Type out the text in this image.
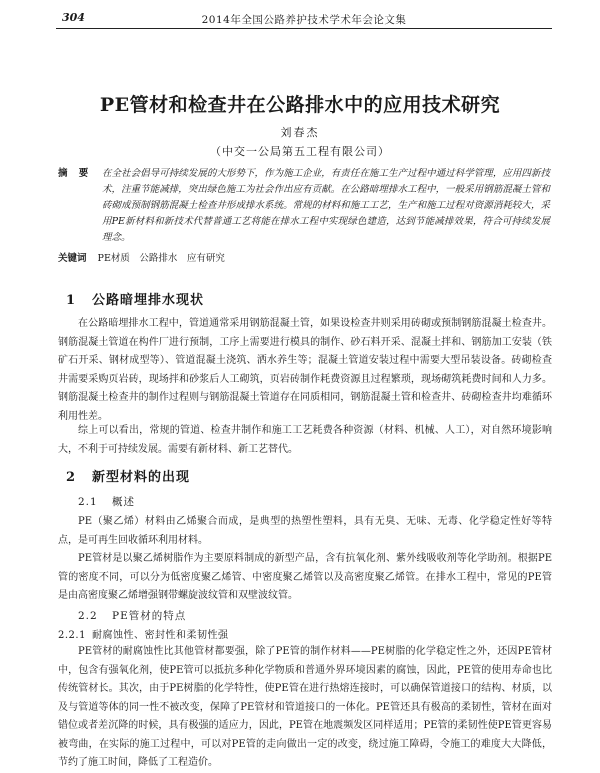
304	2014年全国公路养护技术学术年会论文集
PE管材和检查井在公路排水中的应用技术研究
刘春杰
（中交一公局第五工程有限公司）
摘 要 在全社会倡导可持续发展的大形势下，作为施工企业，有责任在施工生产过程中通过科学管理，应用四新技术，注重节能减排，突出绿色施工为社会作出应有贡献。在公路暗埋排水工程中，一般采用钢筋混凝土管和砖砌成预制钢筋混凝土检查井形成排水系统。常规的材料和施工工艺，生产和施工过程对资源消耗较大，采用PE新材料和新技术代替普通工艺将能在排水工程中实现绿色建造，达到节能减排效果，符合可持续发展理念。
关键词 PE材质　公路排水　应有研究
1 公路暗埋排水现状
在公路暗埋排水工程中，管道通常采用钢筋混凝土管，如果设检查井则采用砖砌或预制钢筋混凝土检查井。钢筋混凝土管道在构件厂进行预制，工序上需要进行模具的制作、砂石料开采、混凝土拌和、钢筋加工安装（铁矿石开采、钢材成型等）、管道混凝土浇筑、洒水养生等；混凝土管道安装过程中需要大型吊装设备。砖砌检查井需要采购页岩砖，现场拌和砂浆后人工砌筑，页岩砖制作耗费资源且过程繁琐，现场砌筑耗费时间和人力多。钢筋混凝土检查井的制作过程则与钢筋混凝土管道存在同质相同，钢筋混凝土管和检查井、砖砌检查井均难循环利用性差。
综上可以看出，常规的管道、检查井制作和施工工艺耗费各种资源（材料、机械、人工），对自然环境影响大，不利于可持续发展。需要有新材料、新工艺替代。
2 新型材料的出现
2.1 概述
PE（聚乙烯）材料由乙烯聚合而成，是典型的热塑性塑料，具有无臭、无味、无毒、化学稳定性好等特点，是可再生回收循环利用材料。
PE管材是以聚乙烯树脂作为主要原料制成的新型产品，含有抗氧化剂、紫外线吸收剂等化学助剂。根据PE管的密度不同，可以分为低密度聚乙烯管、中密度聚乙烯管以及高密度聚乙烯管。在排水工程中，常见的PE管是由高密度聚乙烯增强钢带螺旋波纹管和双壁波纹管。
2.2 PE管材的特点
2.2.1 耐腐蚀性、密封性和柔韧性强
PE管材的耐腐蚀性比其他管材都要强，除了PE管的制作材料——PE树脂的化学稳定性之外，还因PE管材中，包含有强氧化剂，使PE管可以抵抗多种化学物质和普通外界环境因素的腐蚀，因此，PE管的使用寿命也比传统管材长。其次，由于PE树脂的化学特性，使PE管在进行热熔连接时，可以确保管道接口的结构、材质，以及与管道等体的同一性不被改变，保障了PE管材和管道接口的一体化。PE管还具有极高的柔韧性，管材在面对错位或者差沉降的时候，具有极强的适应力，因此，PE管在地震频发区同样适用；PE管的柔韧性使PE管更容易被弯曲，在实际的施工过程中，可以对PE管的走向做出一定的改变，绕过施工障碍，令施工的难度大大降低，节约了施工时间，降低了工程造价。
